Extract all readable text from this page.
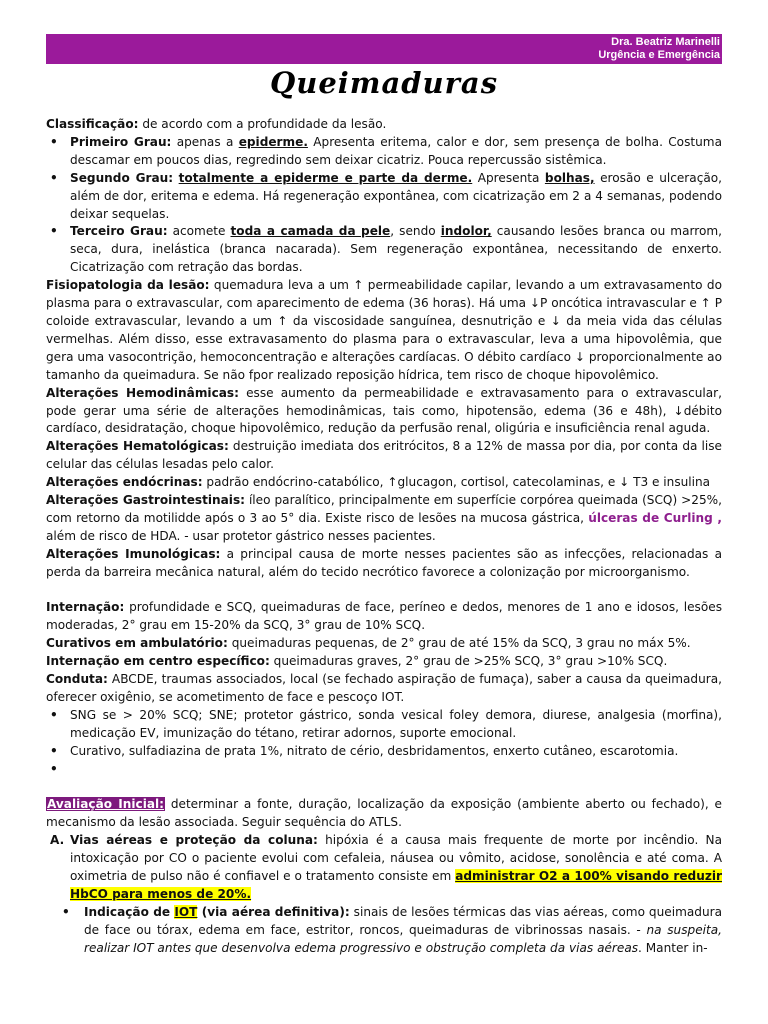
Dra. Beatriz Marinelli
Urgência e Emergência
Queimaduras

Classificação: de acordo com a profundidade da lesão.

• Primeiro Grau: apenas a epiderme. Apresenta eritema, calor e dor, sem presença de bolha. Costuma descamar em poucos dias, regredindo sem deixar cicatriz. Pouca repercussão sistêmica.
• Segundo Grau: totalmente a epiderme e parte da derme. Apresenta bolhas, erosão e ulceração, além de dor, eritema e edema. Há regeneração expontânea, com cicatrização em 2 a 4 semanas, podendo deixar sequelas.
• Terceiro Grau: acomete toda a camada da pele, sendo indolor, causando lesões branca ou marrom, seca, dura, inelástica (branca nacarada). Sem regeneração expontânea, necessitando de enxerto. Cicatrização com retração das bordas.

Fisiopatologia da lesão: quemadura leva a um ↑ permeabilidade capilar, levando a um extravasamento do plasma para o extravascular, com aparecimento de edema (36 horas). Há uma ↓P oncótica intravascular e ↑ P coloide extravascular, levando a um ↑ da viscosidade sanguínea, desnutrição e ↓ da meia vida das células vermelhas. Além disso, esse extravasamento do plasma para o extravascular, leva a uma hipovolêmia, que gera uma vasocontrição, hemoconcentração e alterações cardíacas. O débito cardíaco ↓ proporcionalmente ao tamanho da queimadura. Se não fpor realizado reposição hídrica, tem risco de choque hipovolêmico.

Alterações Hemodinâmicas: esse aumento da permeabilidade e extravasamento para o extravascular, pode gerar uma série de alterações hemodinâmicas, tais como, hipotensão, edema (36 e 48h), ↓débito cardíaco, desidratação, choque hipovolêmico, redução da perfusão renal, oligúria e insuficiência renal aguda.

Alterações Hematológicas: destruição imediata dos eritrócitos, 8 a 12% de massa por dia, por conta da lise celular das células lesadas pelo calor.

Alterações endócrinas: padrão endócrino-catabólico, ↑glucagon, cortisol, catecolaminas, e ↓ T3 e insulina

Alterações Gastrointestinais: íleo paralítico, principalmente em superfície corpórea queimada (SCQ) >25%, com retorno da motilidde após o 3 ao 5° dia. Existe risco de lesões na mucosa gástrica, úlceras de Curling , além de risco de HDA. - usar protetor gástrico nesses pacientes.

Alterações Imunológicas: a principal causa de morte nesses pacientes são as infecções, relacionadas a perda da barreira mecânica natural, além do tecido necrótico favorece a colonização por microorganismo.

Internação: profundidade e SCQ, queimaduras de face, períneo e dedos, menores de 1 ano e idosos, lesões moderadas, 2° grau em 15-20% da SCQ, 3° grau de 10% SCQ.

Curativos em ambulatório: queimaduras pequenas, de 2° grau de até 15% da SCQ, 3 grau no máx 5%.

Internação em centro específico: queimaduras graves, 2° grau de >25% SCQ, 3° grau >10% SCQ.

Conduta: ABCDE, traumas associados, local (se fechado aspiração de fumaça), saber a causa da queimadura, oferecer oxigênio, se acometimento de face e pescoço IOT.

• SNG se > 20% SCQ; SNE; protetor gástrico, sonda vesical foley demora, diurese, analgesia (morfina), medicação EV, imunização do tétano, retirar adornos, suporte emocional.
• Curativo, sulfadiazina de prata 1%, nitrato de cério, desbridamentos, enxerto cutâneo, escarotomia.
•

Avaliação Inicial: determinar a fonte, duração, localização da exposição (ambiente aberto ou fechado), e mecanismo da lesão associada. Seguir sequência do ATLS.

A. Vias aéreas e proteção da coluna: hipóxia é a causa mais frequente de morte por incêndio. Na intoxicação por CO o paciente evolui com cefaleia, náusea ou vômito, acidose, sonolência e até coma. A oximetria de pulso não é confiavel e o tratamento consiste em administrar O2 a 100% visando reduzir HbCO para menos de 20%.
• Indicação de IOT (via aérea definitiva): sinais de lesões térmicas das vias aéreas, como queimadura de face ou tórax, edema em face, estritor, roncos, queimaduras de vibrinossas nasais. - na suspeita, realizar IOT antes que desenvolva edema progressivo e obstrução completa da vias aéreas. Manter in-
